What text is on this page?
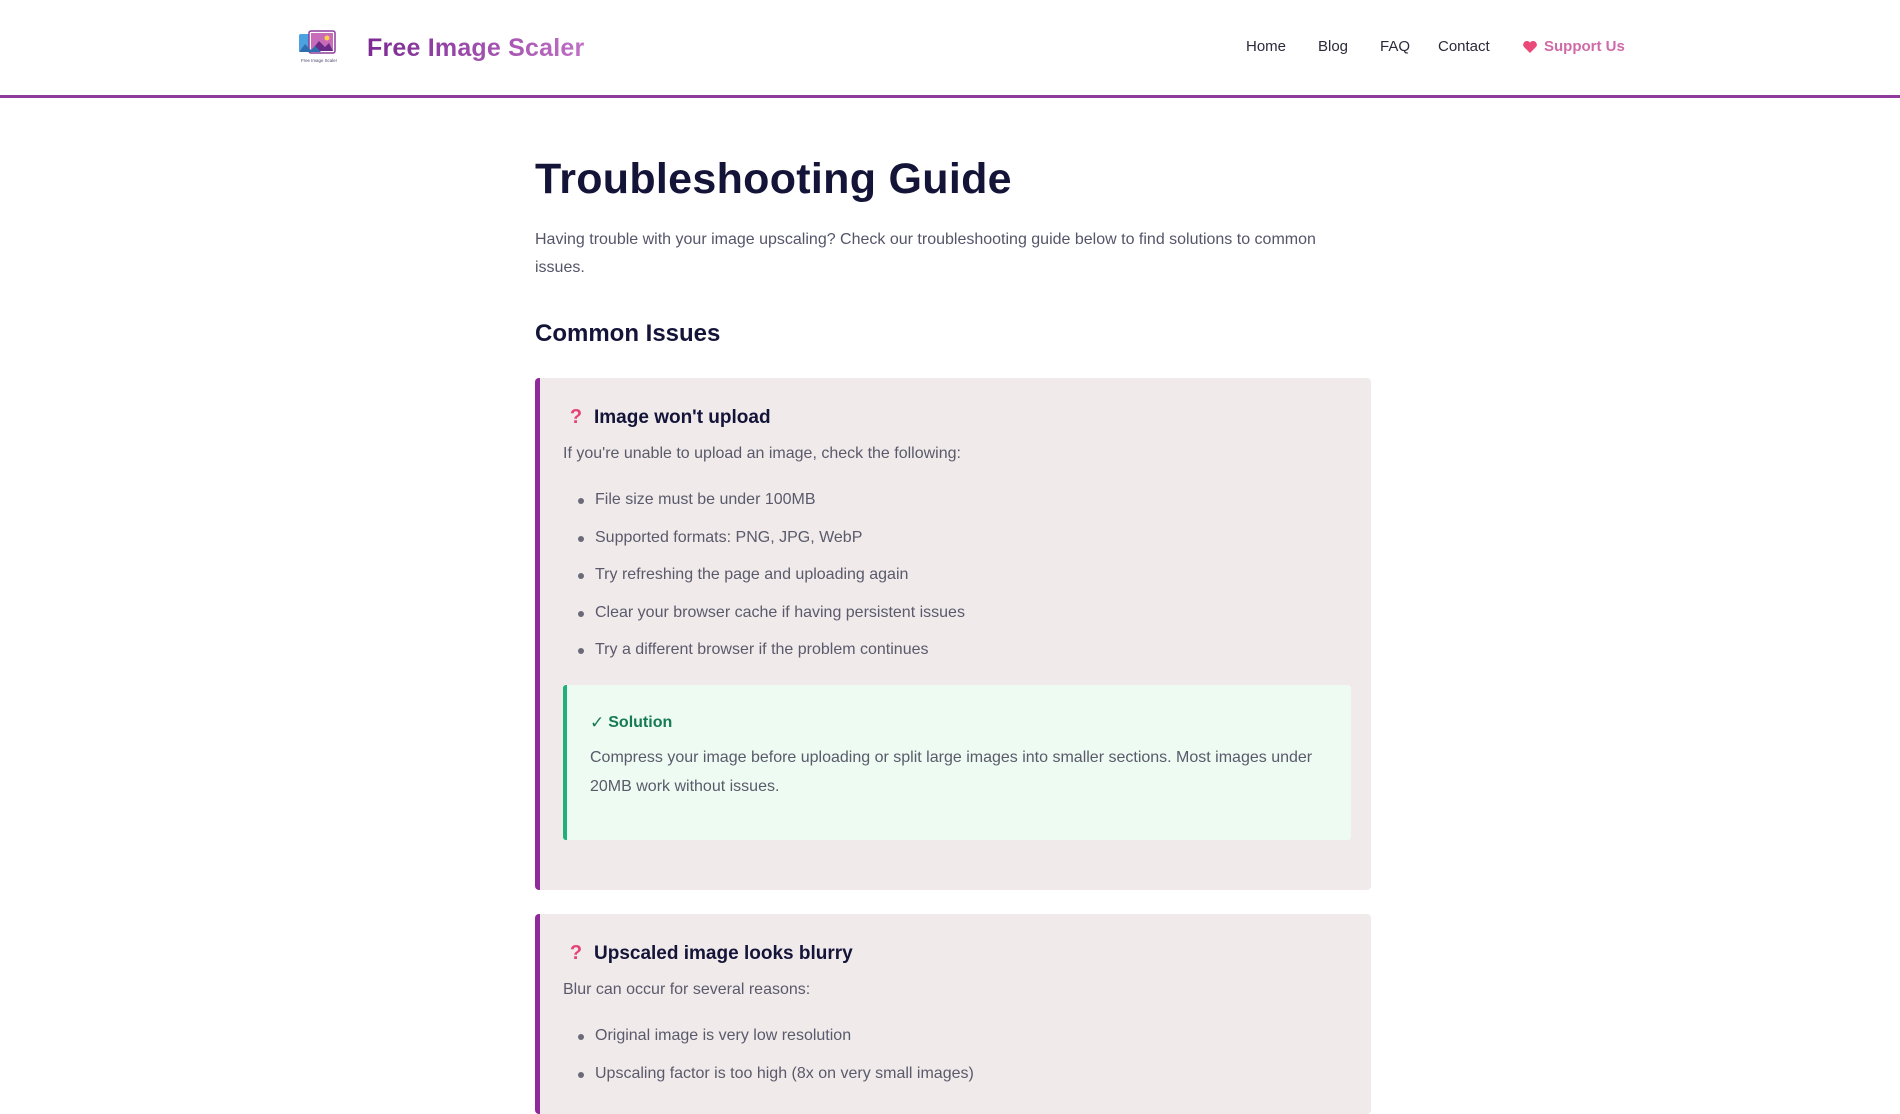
Free Image Scaler Free Image Scaler	Home Blog FAQ Contact	Support Us
Troubleshooting Guide

Having trouble with your image upscaling? Check our troubleshooting guide below to find solutions to common issues.

Common Issues
? Image won't upload

If you're unable to upload an image, check the following:

File size must be under 100MB
Supported formats: PNG, JPG, WebP
Try refreshing the page and uploading again
Clear your browser cache if having persistent issues
Try a different browser if the problem continues
✓ Solution

Compress your image before uploading or split large images into smaller sections. Most images under 20MB work without issues.

? Upscaled image looks blurry

Blur can occur for several reasons:

Original image is very low resolution
Upscaling factor is too high (8x on very small images)
